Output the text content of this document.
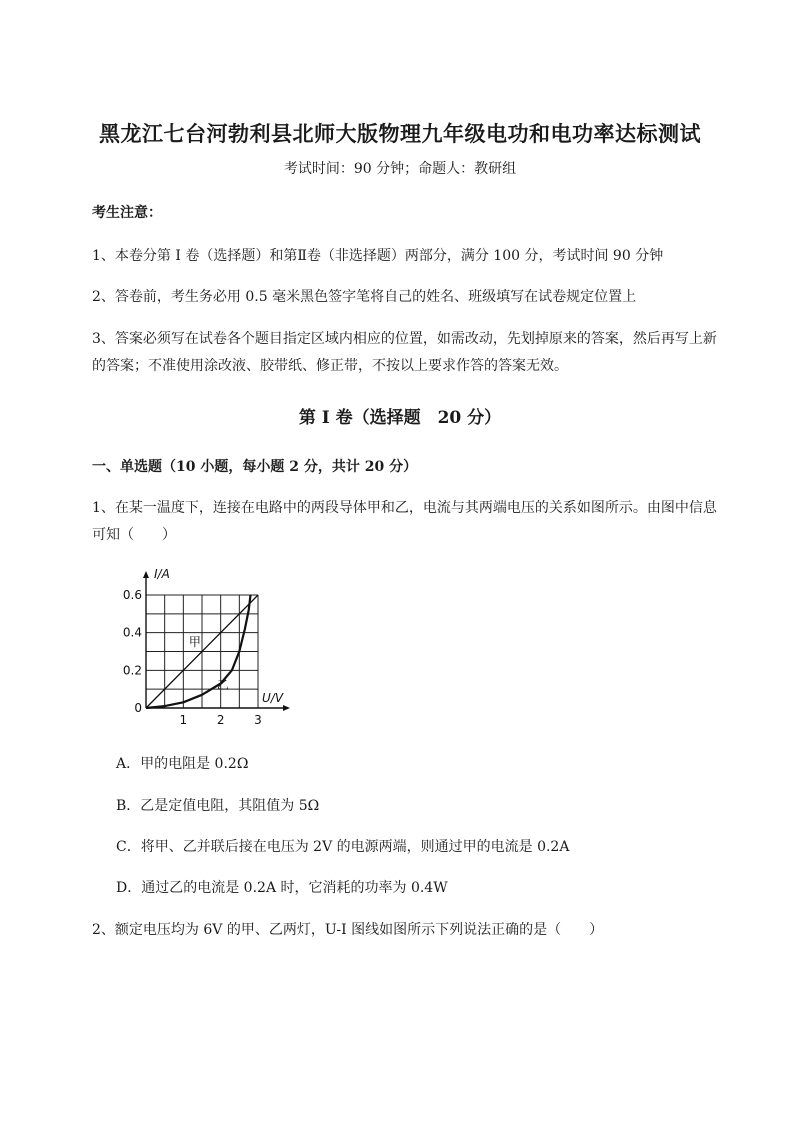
黑龙江七台河勃利县北师大版物理九年级电功和电功率达标测试
考试时间：90 分钟；命题人：教研组
考生注意：
1、本卷分第 I 卷（选择题）和第Ⅱ卷（非选择题）两部分，满分 100 分，考试时间 90 分钟
2、答卷前，考生务必用 0.5 毫米黑色签字笔将自己的姓名、班级填写在试卷规定位置上
3、答案必须写在试卷各个题目指定区域内相应的位置，如需改动，先划掉原来的答案，然后再写上新
的答案；不准使用涂改液、胶带纸、修正带，不按以上要求作答的答案无效。
第 I 卷（选择题　20 分）
一、单选题（10 小题，每小题 2 分，共计 20 分）
1、在某一温度下，连接在电路中的两段导体甲和乙，电流与其两端电压的关系如图所示。由图中信息
可知（　　）
甲
乙
1 2 3
0.2
0.4
0.6
0
U/V
I/A
A．甲的电阻是 0.2Ω
B．乙是定值电阻，其阻值为 5Ω
C．将甲、乙并联后接在电压为 2V 的电源两端，则通过甲的电流是 0.2A
D．通过乙的电流是 0.2A 时，它消耗的功率为 0.4W
2、额定电压均为 6V 的甲、乙两灯，U-I 图线如图所示下列说法正确的是（　　）
